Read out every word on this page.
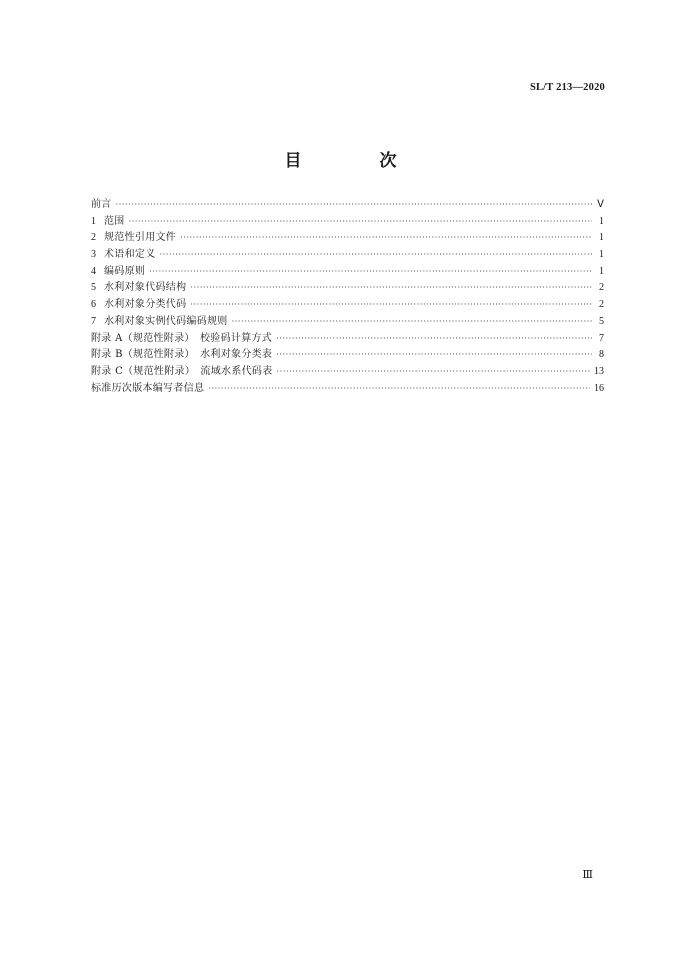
SL/T 213—2020
目 次
前言 ·····	Ⅴ
1 范围 ·····	1
2 规范性引用文件 ·····	1
3 术语和定义 ·····	1
4 编码原则 ·····	1
5 水利对象代码结构 ·····	2
6 水利对象分类代码 ·····	2
7 水利对象实例代码编码规则 ·····	5
附录 A（规范性附录）　校验码计算方式 ·····	7
附录 B（规范性附录）　水利对象分类表 ·····	8
附录 C（规范性附录）　流域水系代码表 ·····	13
标准历次版本编写者信息 ·····	16
Ⅲ
